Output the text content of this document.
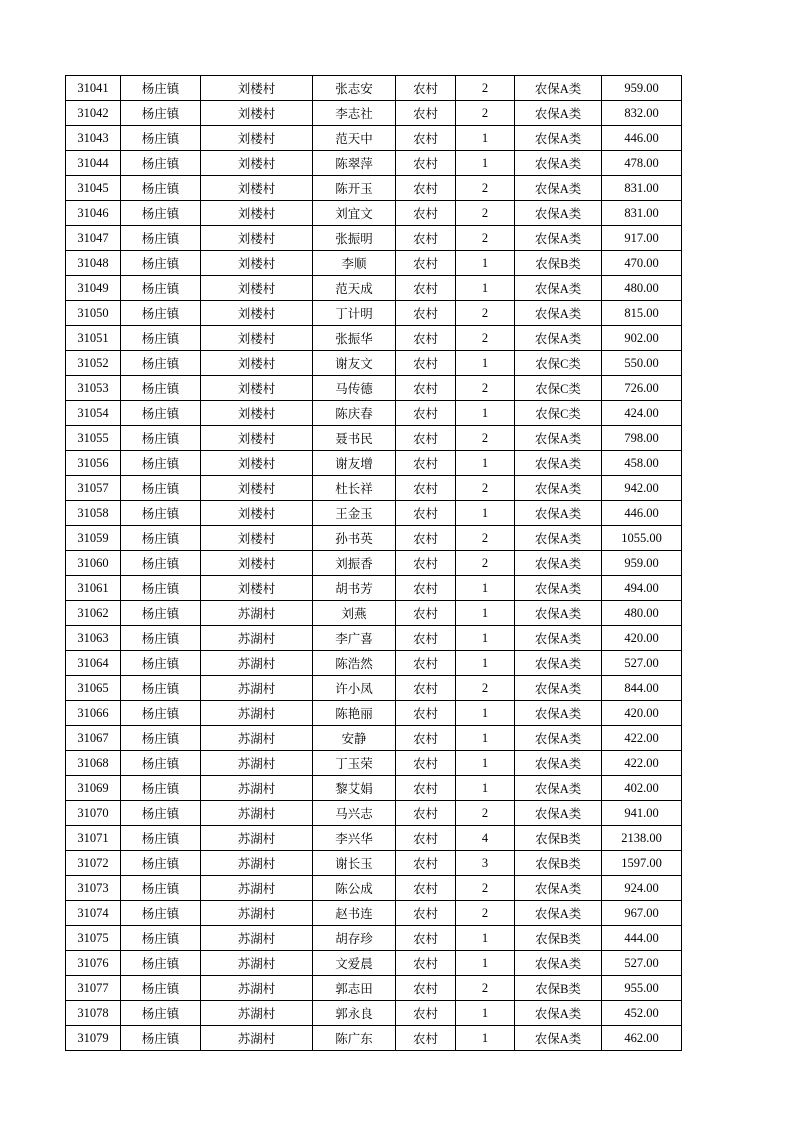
31041	杨庄镇	刘楼村	张志安	农村	2	农保A类	959.00
31042	杨庄镇	刘楼村	李志社	农村	2	农保A类	832.00
31043	杨庄镇	刘楼村	范天中	农村	1	农保A类	446.00
31044	杨庄镇	刘楼村	陈翠萍	农村	1	农保A类	478.00
31045	杨庄镇	刘楼村	陈开玉	农村	2	农保A类	831.00
31046	杨庄镇	刘楼村	刘宜文	农村	2	农保A类	831.00
31047	杨庄镇	刘楼村	张振明	农村	2	农保A类	917.00
31048	杨庄镇	刘楼村	李顺	农村	1	农保B类	470.00
31049	杨庄镇	刘楼村	范天成	农村	1	农保A类	480.00
31050	杨庄镇	刘楼村	丁计明	农村	2	农保A类	815.00
31051	杨庄镇	刘楼村	张振华	农村	2	农保A类	902.00
31052	杨庄镇	刘楼村	谢友文	农村	1	农保C类	550.00
31053	杨庄镇	刘楼村	马传德	农村	2	农保C类	726.00
31054	杨庄镇	刘楼村	陈庆春	农村	1	农保C类	424.00
31055	杨庄镇	刘楼村	聂书民	农村	2	农保A类	798.00
31056	杨庄镇	刘楼村	谢友增	农村	1	农保A类	458.00
31057	杨庄镇	刘楼村	杜长祥	农村	2	农保A类	942.00
31058	杨庄镇	刘楼村	王金玉	农村	1	农保A类	446.00
31059	杨庄镇	刘楼村	孙书英	农村	2	农保A类	1055.00
31060	杨庄镇	刘楼村	刘振香	农村	2	农保A类	959.00
31061	杨庄镇	刘楼村	胡书芳	农村	1	农保A类	494.00
31062	杨庄镇	苏湖村	刘燕	农村	1	农保A类	480.00
31063	杨庄镇	苏湖村	李广喜	农村	1	农保A类	420.00
31064	杨庄镇	苏湖村	陈浩然	农村	1	农保A类	527.00
31065	杨庄镇	苏湖村	许小凤	农村	2	农保A类	844.00
31066	杨庄镇	苏湖村	陈艳丽	农村	1	农保A类	420.00
31067	杨庄镇	苏湖村	安静	农村	1	农保A类	422.00
31068	杨庄镇	苏湖村	丁玉荣	农村	1	农保A类	422.00
31069	杨庄镇	苏湖村	黎艾娟	农村	1	农保A类	402.00
31070	杨庄镇	苏湖村	马兴志	农村	2	农保A类	941.00
31071	杨庄镇	苏湖村	李兴华	农村	4	农保B类	2138.00
31072	杨庄镇	苏湖村	谢长玉	农村	3	农保B类	1597.00
31073	杨庄镇	苏湖村	陈公成	农村	2	农保A类	924.00
31074	杨庄镇	苏湖村	赵书连	农村	2	农保A类	967.00
31075	杨庄镇	苏湖村	胡存珍	农村	1	农保B类	444.00
31076	杨庄镇	苏湖村	文爱晨	农村	1	农保A类	527.00
31077	杨庄镇	苏湖村	郭志田	农村	2	农保B类	955.00
31078	杨庄镇	苏湖村	郭永良	农村	1	农保A类	452.00
31079	杨庄镇	苏湖村	陈广东	农村	1	农保A类	462.00
